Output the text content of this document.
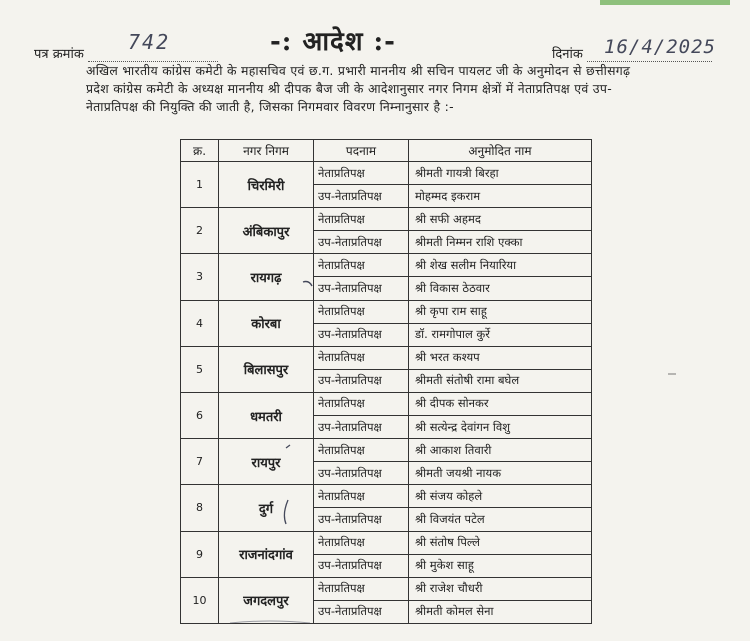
-: आदेश :-
पत्र क्रमांक
742
दिनांक	16/4/2025
अखिल भारतीय कांग्रेस कमेटी के महासचिव एवं छ.ग. प्रभारी माननीय श्री सचिन पायलट जी के अनुमोदन से छत्तीसगढ़ प्रदेश कांग्रेस कमेटी के अध्यक्ष माननीय श्री दीपक बैज जी के आदेशानुसार नगर निगम क्षेत्रों में नेताप्रतिपक्ष एवं उप-नेताप्रतिपक्ष की नियुक्ति की जाती है, जिसका निगमवार विवरण निम्नानुसार है :-
क्र.	नगर निगम	पदनाम	अनुमोदित नाम
1	चिरमिरी	नेताप्रतिपक्ष	श्रीमती गायत्री बिरहा
		उप-नेताप्रतिपक्ष	मोहम्मद इकराम
2	अंबिकापुर	नेताप्रतिपक्ष	श्री सफी अहमद
		उप-नेताप्रतिपक्ष	श्रीमती निम्मन राशि एक्का
3	रायगढ़	नेताप्रतिपक्ष	श्री शेख सलीम नियारिया
		उप-नेताप्रतिपक्ष	श्री विकास ठेठवार
4	कोरबा	नेताप्रतिपक्ष	श्री कृपा राम साहू
		उप-नेताप्रतिपक्ष	डॉ. रामगोपाल कुर्रे
5	बिलासपुर	नेताप्रतिपक्ष	श्री भरत कश्यप
		उप-नेताप्रतिपक्ष	श्रीमती संतोषी रामा बघेल
6	धमतरी	नेताप्रतिपक्ष	श्री दीपक सोनकर
		उप-नेताप्रतिपक्ष	श्री सत्येन्द्र देवांगन विशु
7	रायपुर	नेताप्रतिपक्ष	श्री आकाश तिवारी
		उप-नेताप्रतिपक्ष	श्रीमती जयश्री नायक
8	दुर्ग	नेताप्रतिपक्ष	श्री संजय कोहले
		उप-नेताप्रतिपक्ष	श्री विजयंत पटेल
9	राजनांदगांव	नेताप्रतिपक्ष	श्री संतोष पिल्ले
		उप-नेताप्रतिपक्ष	श्री मुकेश साहू
10	जगदलपुर	नेताप्रतिपक्ष	श्री राजेश चौधरी
		उप-नेताप्रतिपक्ष	श्रीमती कोमल सेना
